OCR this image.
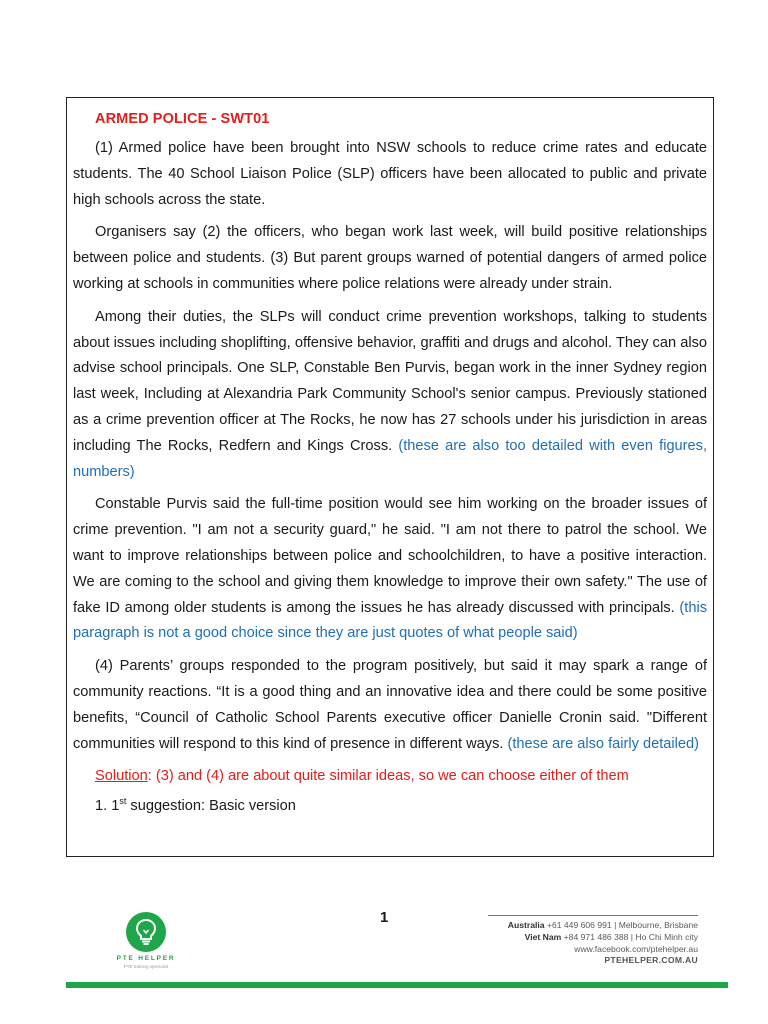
ARMED POLICE - SWT01

(1) Armed police have been brought into NSW schools to reduce crime rates and educate students. The 40 School Liaison Police (SLP) officers have been allocated to public and private high schools across the state.

Organisers say (2) the officers, who began work last week, will build positive relationships between police and students. (3) But parent groups warned of potential dangers of armed police working at schools in communities where police relations were already under strain.

Among their duties, the SLPs will conduct crime prevention workshops, talking to students about issues including shoplifting, offensive behavior, graffiti and drugs and alcohol. They can also advise school principals. One SLP, Constable Ben Purvis, began work in the inner Sydney region last week, Including at Alexandria Park Community School's senior campus. Previously stationed as a crime prevention officer at The Rocks, he now has 27 schools under his jurisdiction in areas including The Rocks, Redfern and Kings Cross. (these are also too detailed with even figures, numbers)

Constable Purvis said the full-time position would see him working on the broader issues of crime prevention. "I am not a security guard," he said. "I am not there to patrol the school. We want to improve relationships between police and schoolchildren, to have a positive interaction. We are coming to the school and giving them knowledge to improve their own safety." The use of fake ID among older students is among the issues he has already discussed with principals. (this paragraph is not a good choice since they are just quotes of what people said)

(4) Parents’ groups responded to the program positively, but said it may spark a range of community reactions. “It is a good thing and an innovative idea and there could be some positive benefits, “Council of Catholic School Parents executive officer Danielle Cronin said. "Different communities will respond to this kind of presence in different ways. (these are also fairly detailed)

Solution: (3) and (4) are about quite similar ideas, so we can choose either of them

1. 1st suggestion: Basic version

1
PTE HELPER
PTE training specialist
Australia +61 449 606 991 | Melbourne, Brisbane
Viet Nam +84 971 486 388 | Ho Chi Minh city
www.facebook.com/ptehelper.au
PTEHELPER.COM.AU
